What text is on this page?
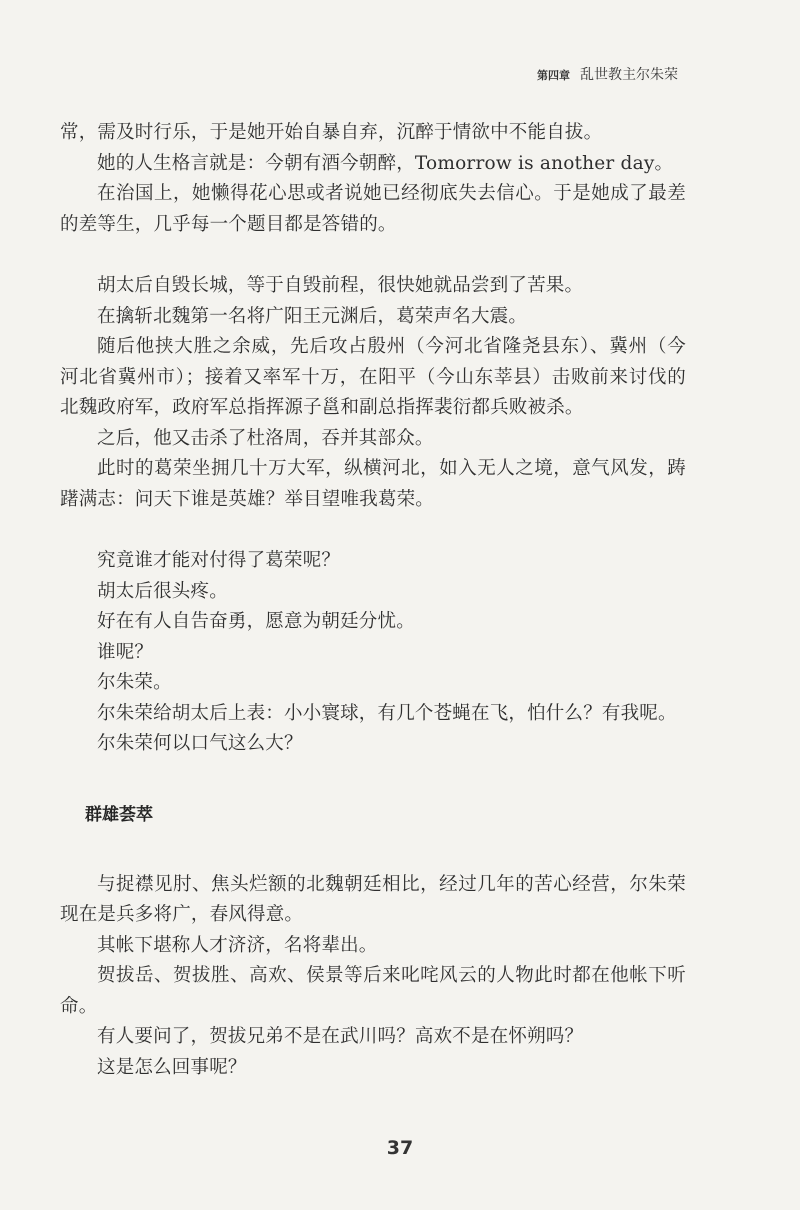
第四章 乱世教主尔朱荣

常，需及时行乐，于是她开始自暴自弃，沉醉于情欲中不能自拔。

她的人生格言就是：今朝有酒今朝醉，Tomorrow is another day。

在治国上，她懒得花心思或者说她已经彻底失去信心。于是她成了最差的差等生，几乎每一个题目都是答错的。

胡太后自毁长城，等于自毁前程，很快她就品尝到了苦果。

在擒斩北魏第一名将广阳王元渊后，葛荣声名大震。

随后他挟大胜之余威，先后攻占殷州（今河北省隆尧县东）、冀州（今河北省冀州市）；接着又率军十万，在阳平（今山东莘县）击败前来讨伐的北魏政府军，政府军总指挥源子邕和副总指挥裴衍都兵败被杀。

之后，他又击杀了杜洛周，吞并其部众。

此时的葛荣坐拥几十万大军，纵横河北，如入无人之境，意气风发，踌躇满志：问天下谁是英雄？举目望唯我葛荣。

究竟谁才能对付得了葛荣呢？

胡太后很头疼。

好在有人自告奋勇，愿意为朝廷分忧。

谁呢？

尔朱荣。

尔朱荣给胡太后上表：小小寰球，有几个苍蝇在飞，怕什么？有我呢。

尔朱荣何以口气这么大？

群雄荟萃

与捉襟见肘、焦头烂额的北魏朝廷相比，经过几年的苦心经营，尔朱荣现在是兵多将广，春风得意。

其帐下堪称人才济济，名将辈出。

贺拔岳、贺拔胜、高欢、侯景等后来叱咤风云的人物此时都在他帐下听命。

有人要问了，贺拔兄弟不是在武川吗？高欢不是在怀朔吗？

这是怎么回事呢？

37
